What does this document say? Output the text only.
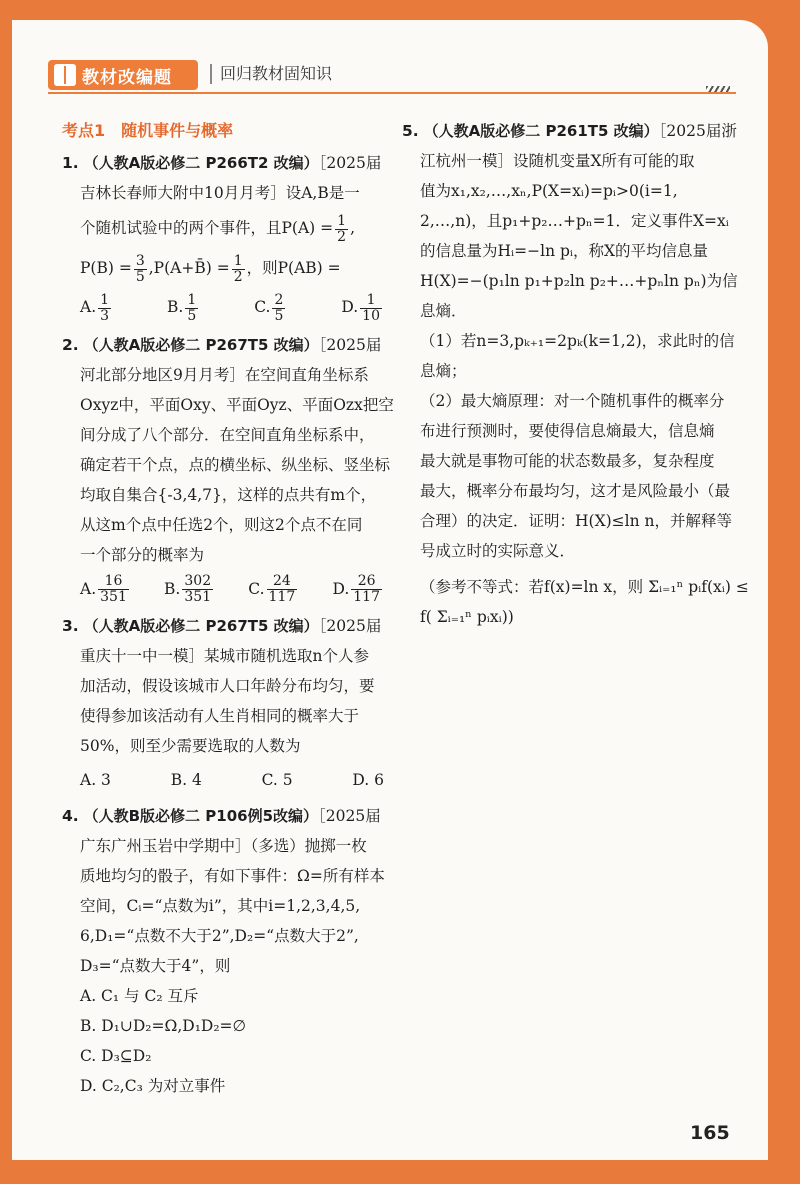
教材改编题	回归教材固知识
考点1　随机事件与概率
1. （人教A版必修二 P266T2 改编）［2025届
吉林长春师大附中10月月考］设A,B是一
个随机试验中的两个事件，且$P(A) = \frac{1}{2}$ ,
$P(B) = \frac{3}{5}$ ,P(A+B̄) = $\frac{1}{2}$ ，则P(AB) =
A. $\frac{1}{3}$	B. $\frac{1}{5}$	C. $\frac{2}{5}$	D. $\frac{1}{10}$
2. （人教A版必修二 P267T5 改编）［2025届
河北部分地区9月月考］在空间直角坐标系
Oxyz中，平面Oxy、平面Oyz、平面Ozx把空
间分成了八个部分．在空间直角坐标系中，
确定若干个点，点的横坐标、纵坐标、竖坐标
均取自集合{-3,4,7}，这样的点共有m个，
从这m个点中任选2个，则这2个点不在同
一个部分的概率为
A. $\frac{16}{351} B$. $\frac{302}{351} C$. $\frac{24}{117} D$. $\frac{26}{117}$
3. （人教A版必修二 P267T5 改编）［2025届
重庆十一中一模］某城市随机选取n个人参
加活动，假设该城市人口年龄分布均匀，要
使得参加该活动有人生肖相同的概率大于
50%，则至少需要选取的人数为
A. 3	B. 4	C. 5	D. 6
4. （人教B版必修二 P106例5改编）［2025届
广东广州玉岩中学期中］（多选）抛掷一枚
质地均匀的骰子，有如下事件：Ω=所有样本
空间，Cᵢ=“点数为i”，其中i=1,2,3,4,5,
6,D₁=“点数不大于2”,D₂=“点数大于2”,
D₃=“点数大于4”，则
A. C₁ 与 C₂ 互斥
B. D₁∪D₂=Ω,D₁D₂=∅
C. D₃⊆D₂
D. C₂,C₃ 为对立事件
5. （人教A版必修二 P261T5 改编）［2025届浙
江杭州一模］设随机变量X所有可能的取
值为x₁,x₂,…,xₙ,P(X=xᵢ)=pᵢ>0(i=1,
2,…,n)，且p₁+p₂…+pₙ=1．定义事件X=xᵢ
的信息量为Hᵢ=−ln pᵢ，称X的平均信息量
H(X)=−(p₁ln p₁+p₂ln p₂+…+pₙln pₙ)为信
息熵．
（1）若n=3,pₖ₊₁=2pₖ(k=1,2)，求此时的信
息熵；
（2）最大熵原理：对一个随机事件的概率分
布进行预测时，要使得信息熵最大，信息熵
最大就是事物可能的状态数最多，复杂程度
最大，概率分布最均匀，这才是风险最小（最
合理）的决定．证明：H(X)≤ln n，并解释等
号成立时的实际意义．
（参考不等式：若f(x)=ln x，则 Σᵢ₌₁ⁿ pᵢf(xᵢ) ≤
f( Σᵢ₌₁ⁿ pᵢxᵢ))
165
